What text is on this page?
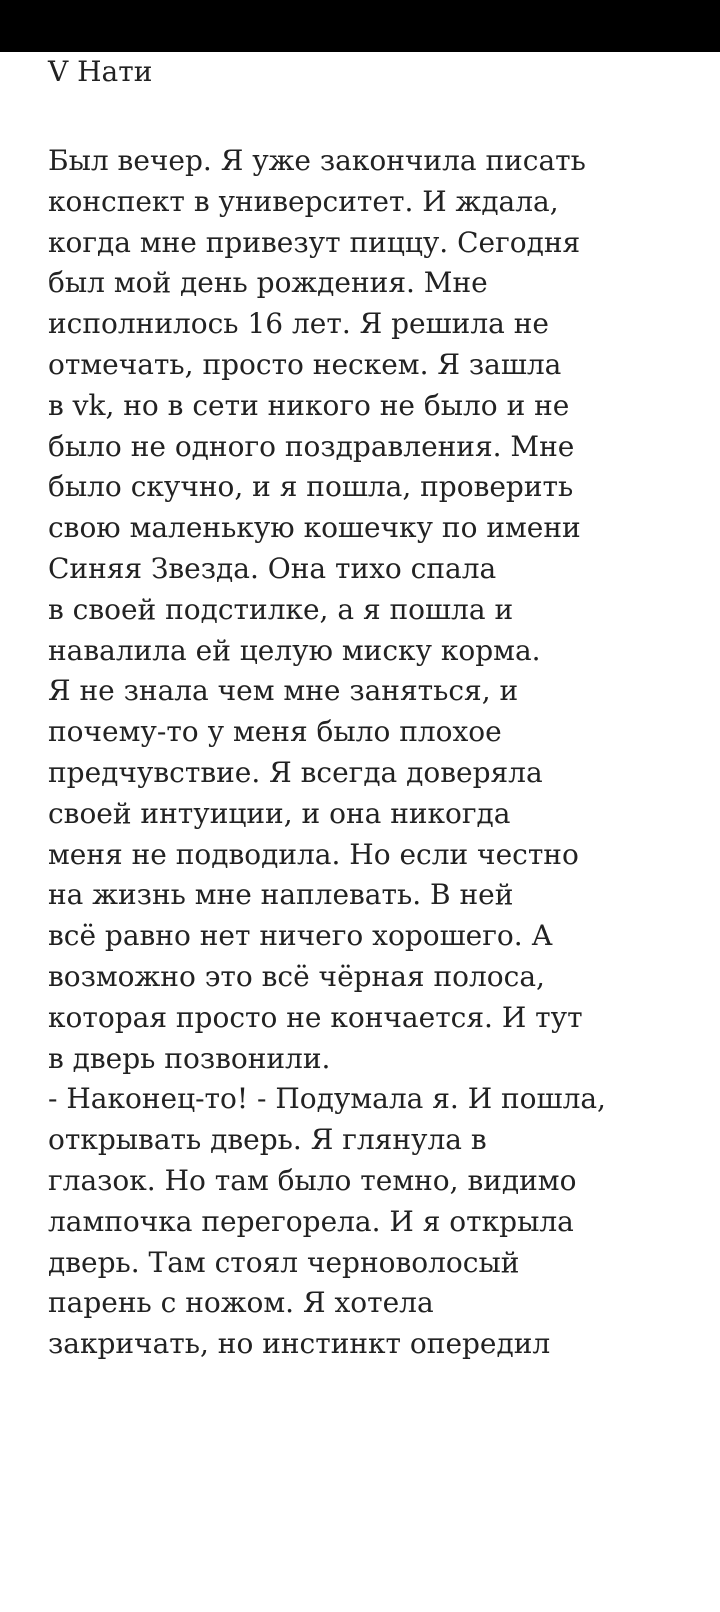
V Нати
Был вечер. Я уже закончила писать
конспект в университет. И ждала,
когда мне привезут пиццу. Сегодня
был мой день рождения. Мне
исполнилось 16 лет. Я решила не
отмечать, просто нескем. Я зашла
в vk, но в сети никого не было и не
было не одного поздравления. Мне
было скучно, и я пошла, проверить
свою маленькую кошечку по имени
Синяя Звезда. Она тихо спала
в своей подстилке, а я пошла и
навалила ей целую миску корма.
Я не знала чем мне заняться, и
почему-то у меня было плохое
предчувствие. Я всегда доверяла
своей интуиции, и она никогда
меня не подводила. Но если честно
на жизнь мне наплевать. В ней
всё равно нет ничего хорошего. А
возможно это всё чёрная полоса,
которая просто не кончается. И тут
в дверь позвонили.
- Наконец-то! - Подумала я. И пошла,
открывать дверь. Я глянула в
глазок. Но там было темно, видимо
лампочка перегорела. И я открыла
дверь. Там стоял черноволосый
парень с ножом. Я хотела
закричать, но инстинкт опередил
